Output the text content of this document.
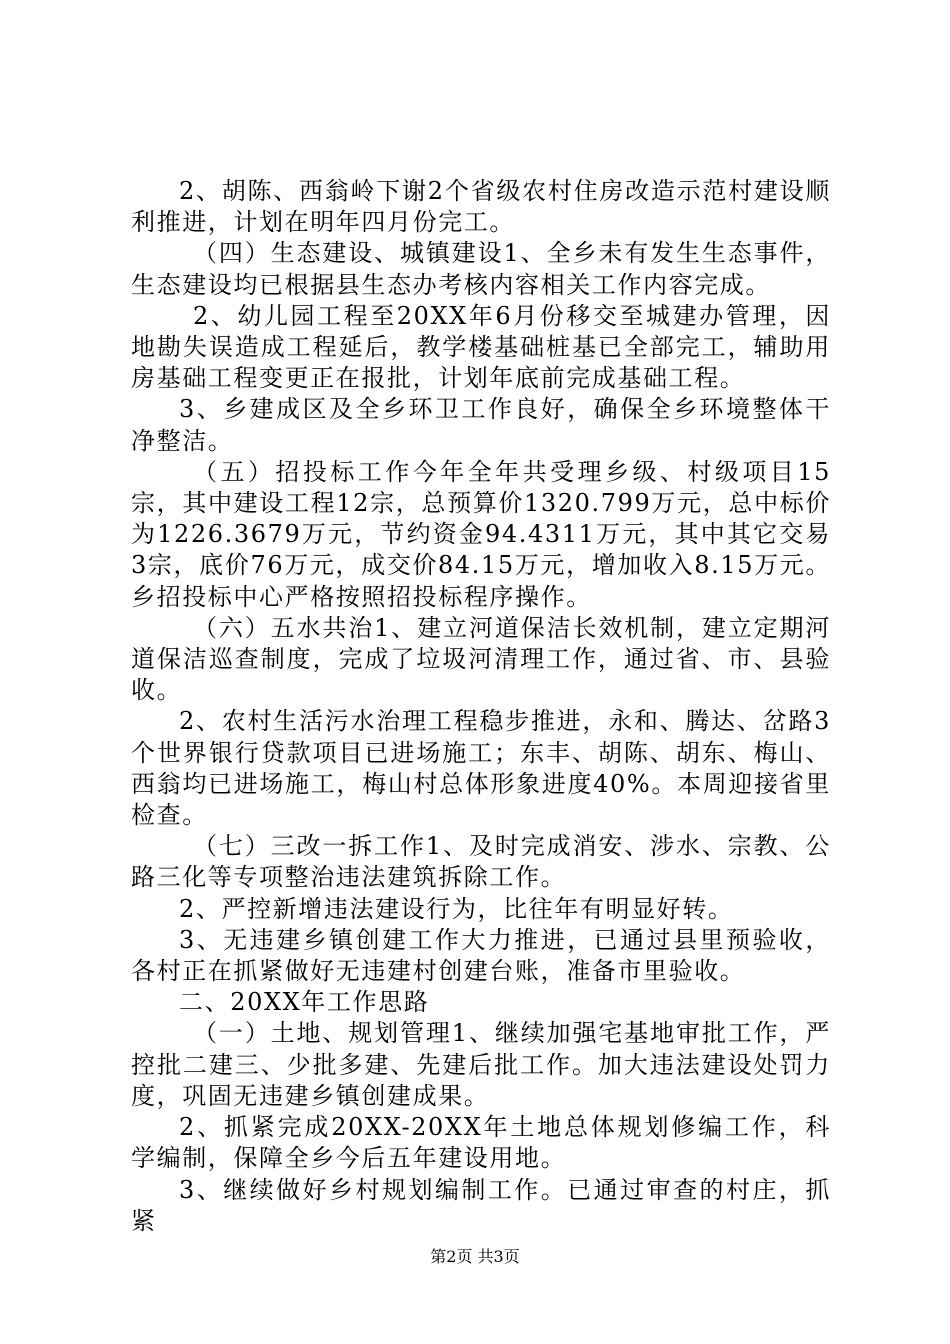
2、胡陈、西翁岭下谢2个省级农村住房改造示范村建设顺利推进，计划在明年四月份完工。

（四）生态建设、城镇建设1、全乡未有发生生态事件，生态建设均已根据县生态办考核内容相关工作内容完成。

2、幼儿园工程至20XX年6月份移交至城建办管理，因地勘失误造成工程延后，教学楼基础桩基已全部完工，辅助用房基础工程变更正在报批，计划年底前完成基础工程。

3、乡建成区及全乡环卫工作良好，确保全乡环境整体干净整洁。

（五）招投标工作今年全年共受理乡级、村级项目15宗，其中建设工程12宗，总预算价1320.799万元，总中标价为1226.3679万元，节约资金94.4311万元，其中其它交易3宗，底价76万元，成交价84.15万元，增加收入8.15万元。乡招投标中心严格按照招投标程序操作。

（六）五水共治1、建立河道保洁长效机制，建立定期河道保洁巡查制度，完成了垃圾河清理工作，通过省、市、县验收。

2、农村生活污水治理工程稳步推进，永和、腾达、岔路3个世界银行贷款项目已进场施工；东丰、胡陈、胡东、梅山、西翁均已进场施工，梅山村总体形象进度40%。本周迎接省里检查。

（七）三改一拆工作1、及时完成消安、涉水、宗教、公路三化等专项整治违法建筑拆除工作。

2、严控新增违法建设行为，比往年有明显好转。

3、无违建乡镇创建工作大力推进，已通过县里预验收，各村正在抓紧做好无违建村创建台账，准备市里验收。

二、20XX年工作思路

（一）土地、规划管理1、继续加强宅基地审批工作，严控批二建三、少批多建、先建后批工作。加大违法建设处罚力度，巩固无违建乡镇创建成果。

2、抓紧完成20XX-20XX年土地总体规划修编工作，科学编制，保障全乡今后五年建设用地。

3、继续做好乡村规划编制工作。已通过审查的村庄，抓紧

第2页 共3页
